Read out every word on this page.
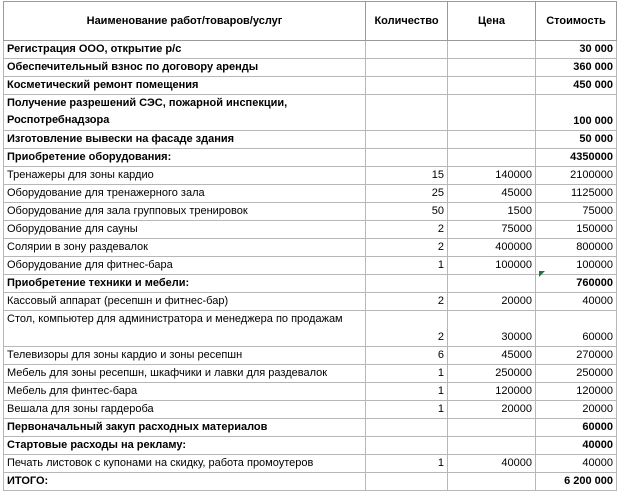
Наименование работ/товаров/услуг	Количество	Цена	Стоимость
Регистрация ООО, открытие р/с			30 000
Обеспечительный взнос по договору аренды			360 000
Косметический ремонт помещения			450 000
Получение разрешений СЭС, пожарной инспекции, Роспотребнадзора			100 000
Изготовление вывески на фасаде здания			50 000
Приобретение оборудования:			4350000
Тренажеры для зоны кардио	15	140000	2100000
Оборудование для тренажерного зала	25	45000	1125000
Оборудование для зала групповых тренировок	50	1500	75000
Оборудование для сауны	2	75000	150000
Солярии в зону раздевалок	2	400000	800000
Оборудование для фитнес-бара	1	100000	100000
Приобретение техники и мебели:			760000
Кассовый аппарат (ресепшн и фитнес-бар)	2	20000	40000
Стол, компьютер для администратора и менеджера по продажам	2	30000	60000
Телевизоры для зоны кардио и зоны ресепшн	6	45000	270000
Мебель для зоны ресепшн, шкафчики и лавки для раздевалок	1	250000	250000
Мебель для финтес-бара	1	120000	120000
Вешала для зоны гардероба	1	20000	20000
Первоначальный закуп расходных материалов			60000
Стартовые расходы на рекламу:			40000
Печать листовок с купонами на скидку, работа промоутеров	1	40000	40000
ИТОГО:			6 200 000
